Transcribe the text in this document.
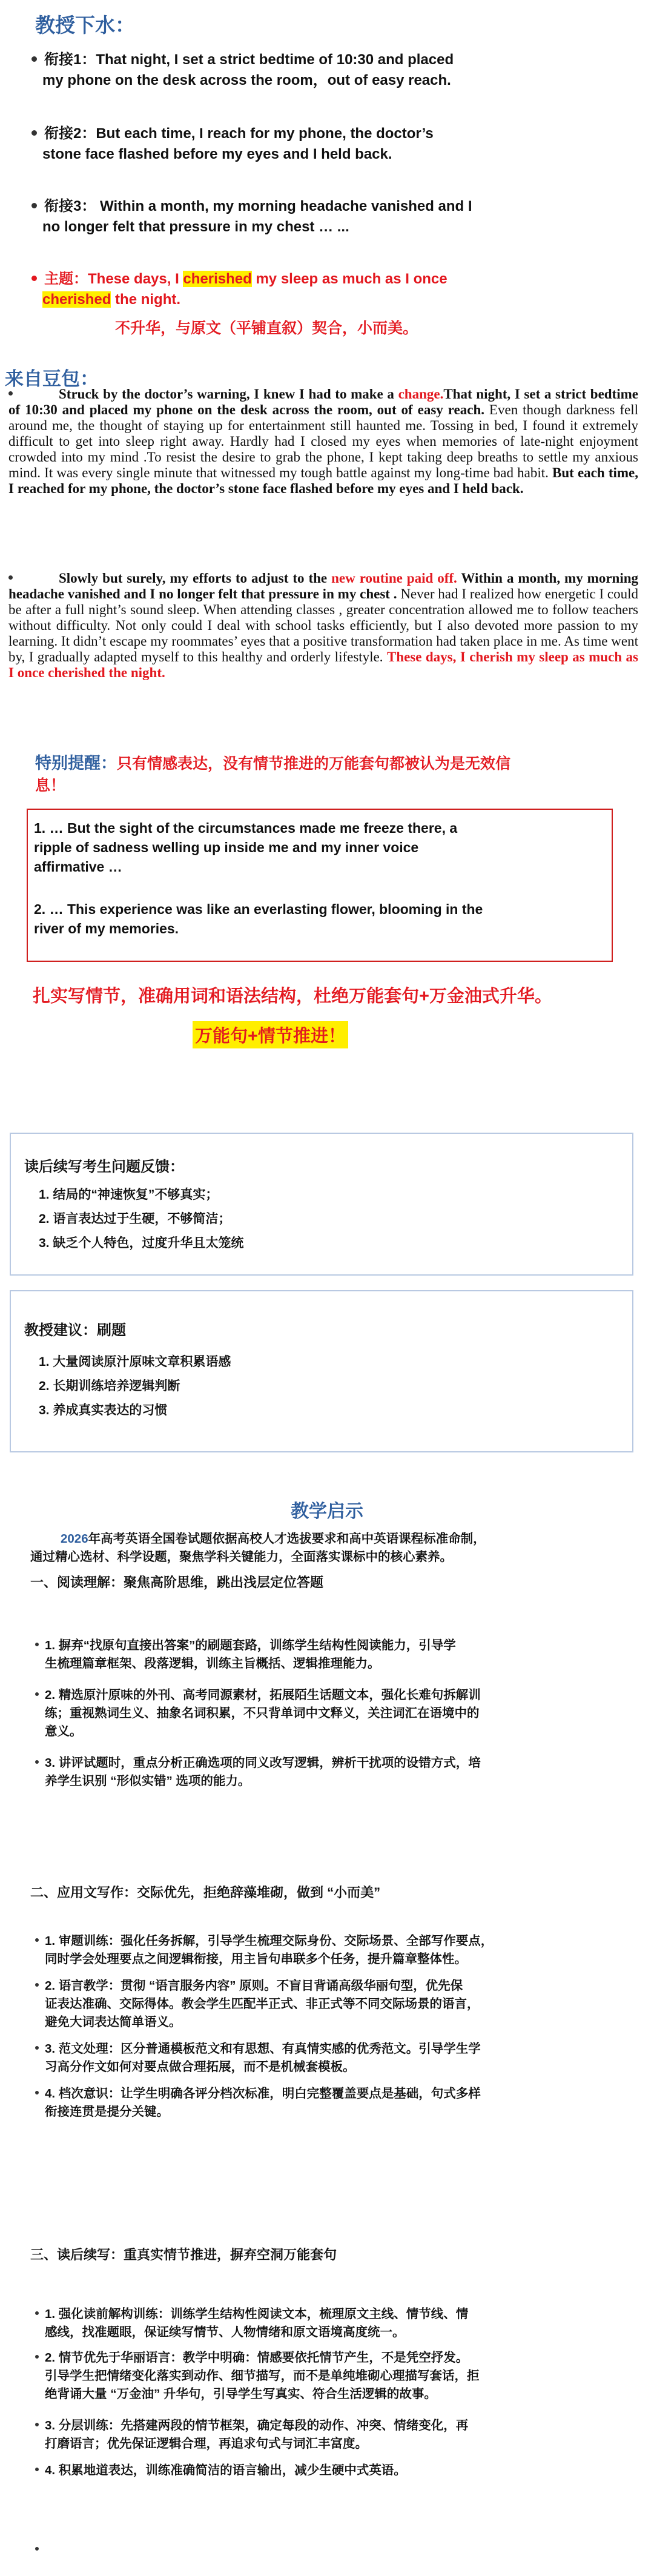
教授下水：
衔接1：That night, I set a strict bedtime of 10:30 and placed
my phone on the desk across the room，out of easy reach.
衔接2：But each time, I reach for my phone, the doctor’s
stone face flashed before my eyes and I held back.
衔接3： Within a month, my morning headache vanished and I
no longer felt that pressure in my chest … ...
主题：These days, I cherished my sleep as much as I once
cherished the night.
不升华，与原文（平铺直叙）契合，小而美。
来自豆包：
Struck by the doctor’s warning, I knew I had to make a change.That night, I set a strict bedtime of 10:30 and placed my phone on the desk across the room, out of easy reach. Even though darkness fell around me, the thought of staying up for entertainment still haunted me. Tossing in bed, I found it extremely difficult to get into sleep right away. Hardly had I closed my eyes when memories of late-night enjoyment crowded into my mind .To resist the desire to grab the phone, I kept taking deep breaths to settle my anxious mind. It was every single minute that witnessed my tough battle against my long-time bad habit. But each time, I reached for my phone, the doctor’s stone face flashed before my eyes and I held back.
Slowly but surely, my efforts to adjust to the new routine paid off. Within a month, my morning headache vanished and I no longer felt that pressure in my chest . Never had I realized how energetic I could be after a full night’s sound sleep. When attending classes , greater concentration allowed me to follow teachers without difficulty. Not only could I deal with school tasks efficiently, but I also devoted more passion to my learning. It didn’t escape my roommates’ eyes that a positive transformation had taken place in me. As time went by, I gradually adapted myself to this healthy and orderly lifestyle. These days, I cherish my sleep as much as I once cherished the night.
特别提醒：只有情感表达，没有情节推进的万能套句都被认为是无效信
息！

1. … But the sight of the circumstances made me freeze there, a

ripple of sadness welling up inside me and my inner voice

affirmative …

2. … This experience was like an everlasting flower, blooming in the

river of my memories.

扎实写情节，准确用词和语法结构，杜绝万能套句+万金油式升华。
万能句+情节推进！
读后续写考生问题反馈：
1. 结局的“神速恢复”不够真实；
2. 语言表达过于生硬，不够简洁；
3. 缺乏个人特色，过度升华且太笼统
教授建议：刷题
1. 大量阅读原汁原味文章积累语感
2. 长期训练培养逻辑判断
3. 养成真实表达的习惯
教学启示
2026年高考英语全国卷试题依据高校人才选拔要求和高中英语课程标准命制，
通过精心选材、科学设题，聚焦学科关键能力，全面落实课标中的核心素养。
一、阅读理解：聚焦高阶思维，跳出浅层定位答题
1. 摒弃“找原句直接出答案”的刷题套路，训练学生结构性阅读能力，引导学
生梳理篇章框架、段落逻辑，训练主旨概括、逻辑推理能力。
2. 精选原汁原味的外刊、高考同源素材，拓展陌生话题文本，强化长难句拆解训
练；重视熟词生义、抽象名词积累，不只背单词中文释义，关注词汇在语境中的
意义。
3. 讲评试题时，重点分析正确选项的同义改写逻辑，辨析干扰项的设错方式，培
养学生识别 “形似实错” 选项的能力。
二、应用文写作：交际优先，拒绝辞藻堆砌，做到 “小而美”
1. 审题训练：强化任务拆解，引导学生梳理交际身份、交际场景、全部写作要点，
同时学会处理要点之间逻辑衔接，用主旨句串联多个任务，提升篇章整体性。
2. 语言教学：贯彻 “语言服务内容” 原则。不盲目背诵高级华丽句型，优先保
证表达准确、交际得体。教会学生匹配半正式、非正式等不同交际场景的语言，
避免大词表达简单语义。
3. 范文处理：区分普通模板范文和有思想、有真情实感的优秀范文。引导学生学
习高分作文如何对要点做合理拓展，而不是机械套模板。
4. 档次意识：让学生明确各评分档次标准，明白完整覆盖要点是基础，句式多样
衔接连贯是提分关键。
三、读后续写：重真实情节推进，摒弃空洞万能套句
1. 强化读前解构训练：训练学生结构性阅读文本，梳理原文主线、情节线、情
感线，找准题眼，保证续写情节、人物情绪和原文语境高度统一。
2. 情节优先于华丽语言：教学中明确：情感要依托情节产生，不是凭空抒发。
引导学生把情绪变化落实到动作、细节描写，而不是单纯堆砌心理描写套话，拒
绝背诵大量 “万金油” 升华句，引导学生写真实、符合生活逻辑的故事。
3. 分层训练：先搭建两段的情节框架，确定每段的动作、冲突、情绪变化，再
打磨语言；优先保证逻辑合理，再追求句式与词汇丰富度。
4. 积累地道表达，训练准确简洁的语言输出，减少生硬中式英语。
